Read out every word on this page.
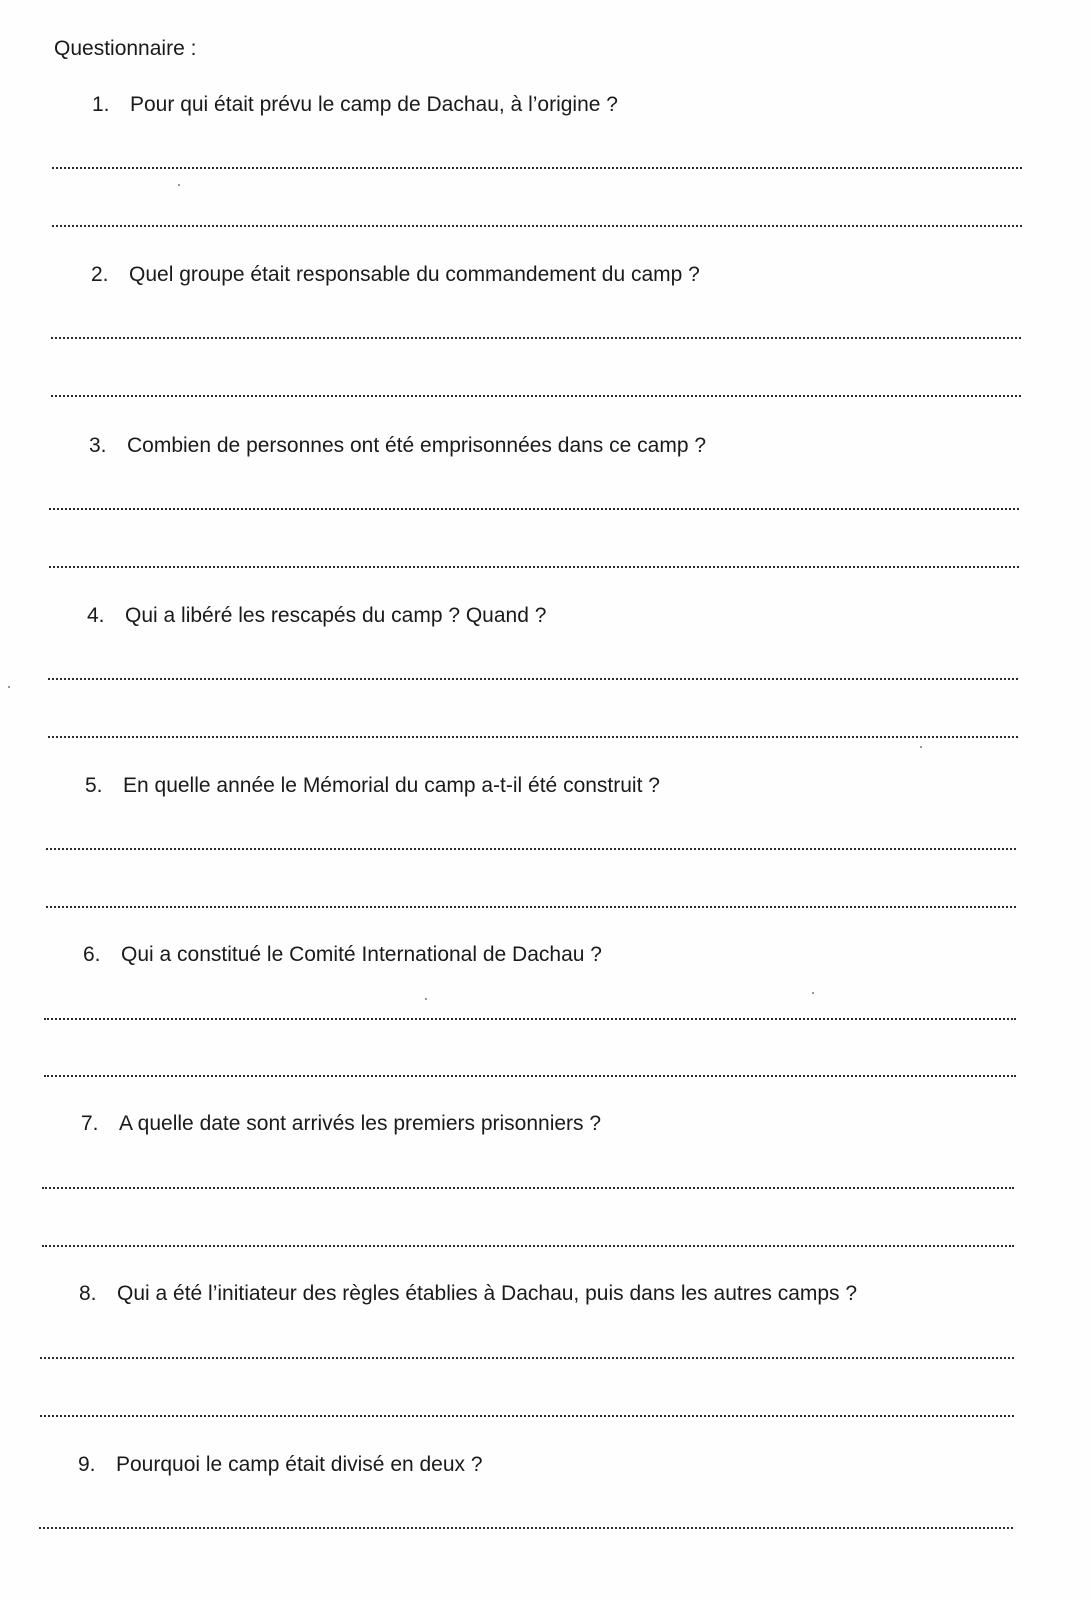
Questionnaire :
1. Pour qui était prévu le camp de Dachau, à l’origine ?
2. Quel groupe était responsable du commandement du camp ?
3. Combien de personnes ont été emprisonnées dans ce camp ?
4. Qui a libéré les rescapés du camp ? Quand ?
5. En quelle année le Mémorial du camp a-t-il été construit ?
6. Qui a constitué le Comité International de Dachau ?
7. A quelle date sont arrivés les premiers prisonniers ?
8. Qui a été l’initiateur des règles établies à Dachau, puis dans les autres camps ?
9. Pourquoi le camp était divisé en deux ?
